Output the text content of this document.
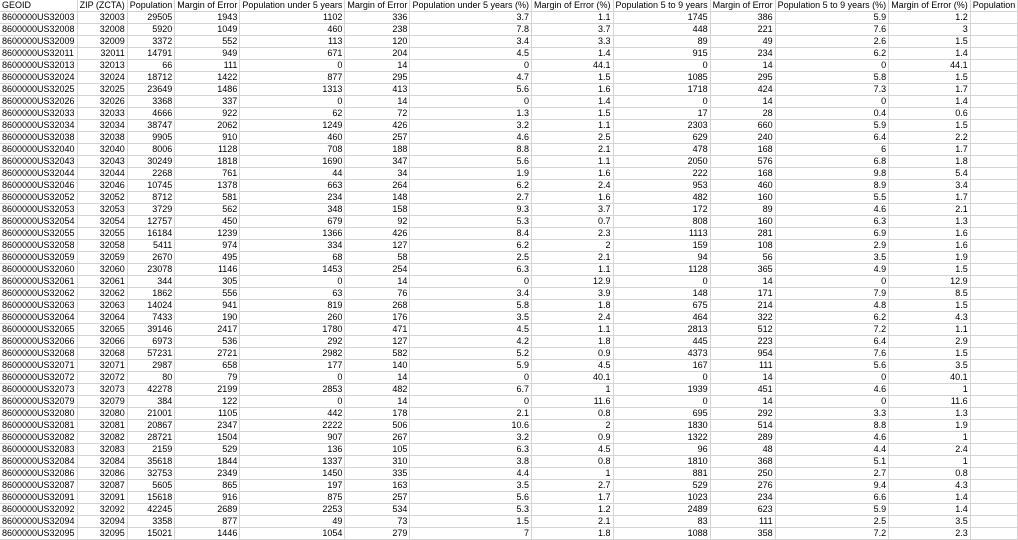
GEOID	ZIP (ZCTA)	Population	Margin of Error	Population under 5 years	Margin of Error	Population under 5 years (%)	Margin of Error (%)	Population 5 to 9 years	Margin of Error	Population 5 to 9 years (%)	Margin of Error (%)	Population
8600000US32003	32003	29505	1943	1102	336	3.7	1.1	1745	386	5.9	1.2	
8600000US32008	32008	5920	1049	460	238	7.8	3.7	448	221	7.6	3	
8600000US32009	32009	3372	552	113	120	3.4	3.3	89	49	2.6	1.5	
8600000US32011	32011	14791	949	671	204	4.5	1.4	915	234	6.2	1.4	
8600000US32013	32013	66	111	0	14	0	44.1	0	14	0	44.1	
8600000US32024	32024	18712	1422	877	295	4.7	1.5	1085	295	5.8	1.5	
8600000US32025	32025	23649	1486	1313	413	5.6	1.6	1718	424	7.3	1.7	
8600000US32026	32026	3368	337	0	14	0	1.4	0	14	0	1.4	
8600000US32033	32033	4666	922	62	72	1.3	1.5	17	28	0.4	0.6	
8600000US32034	32034	38747	2062	1249	426	3.2	1.1	2303	660	5.9	1.5	
8600000US32038	32038	9905	910	460	257	4.6	2.5	629	240	6.4	2.2	
8600000US32040	32040	8006	1128	708	188	8.8	2.1	478	168	6	1.7	
8600000US32043	32043	30249	1818	1690	347	5.6	1.1	2050	576	6.8	1.8	
8600000US32044	32044	2268	761	44	34	1.9	1.6	222	168	9.8	5.4	
8600000US32046	32046	10745	1378	663	264	6.2	2.4	953	460	8.9	3.4	
8600000US32052	32052	8712	581	234	148	2.7	1.6	482	160	5.5	1.7	
8600000US32053	32053	3729	562	348	158	9.3	3.7	172	89	4.6	2.1	
8600000US32054	32054	12757	450	679	92	5.3	0.7	808	160	6.3	1.3	
8600000US32055	32055	16184	1239	1366	426	8.4	2.3	1113	281	6.9	1.6	
8600000US32058	32058	5411	974	334	127	6.2	2	159	108	2.9	1.6	
8600000US32059	32059	2670	495	68	58	2.5	2.1	94	56	3.5	1.9	
8600000US32060	32060	23078	1146	1453	254	6.3	1.1	1128	365	4.9	1.5	
8600000US32061	32061	344	305	0	14	0	12.9	0	14	0	12.9	
8600000US32062	32062	1862	556	63	76	3.4	3.9	148	171	7.9	8.5	
8600000US32063	32063	14024	941	819	268	5.8	1.8	675	214	4.8	1.5	
8600000US32064	32064	7433	190	260	176	3.5	2.4	464	322	6.2	4.3	
8600000US32065	32065	39146	2417	1780	471	4.5	1.1	2813	512	7.2	1.1	
8600000US32066	32066	6973	536	292	127	4.2	1.8	445	223	6.4	2.9	
8600000US32068	32068	57231	2721	2982	582	5.2	0.9	4373	954	7.6	1.5	
8600000US32071	32071	2987	658	177	140	5.9	4.5	167	111	5.6	3.5	
8600000US32072	32072	80	79	0	14	0	40.1	0	14	0	40.1	
8600000US32073	32073	42278	2199	2853	482	6.7	1	1939	451	4.6	1	
8600000US32079	32079	384	122	0	14	0	11.6	0	14	0	11.6	
8600000US32080	32080	21001	1105	442	178	2.1	0.8	695	292	3.3	1.3	
8600000US32081	32081	20867	2347	2222	506	10.6	2	1830	514	8.8	1.9	
8600000US32082	32082	28721	1504	907	267	3.2	0.9	1322	289	4.6	1	
8600000US32083	32083	2159	529	136	105	6.3	4.5	96	48	4.4	2.4	
8600000US32084	32084	35618	1844	1337	310	3.8	0.8	1810	368	5.1	1	
8600000US32086	32086	32753	2349	1450	335	4.4	1	881	250	2.7	0.8	
8600000US32087	32087	5605	865	197	163	3.5	2.7	529	276	9.4	4.3	
8600000US32091	32091	15618	916	875	257	5.6	1.7	1023	234	6.6	1.4	
8600000US32092	32092	42245	2689	2253	534	5.3	1.2	2489	623	5.9	1.4	
8600000US32094	32094	3358	877	49	73	1.5	2.1	83	111	2.5	3.5	
8600000US32095	32095	15021	1446	1054	279	7	1.8	1088	358	7.2	2.3	
